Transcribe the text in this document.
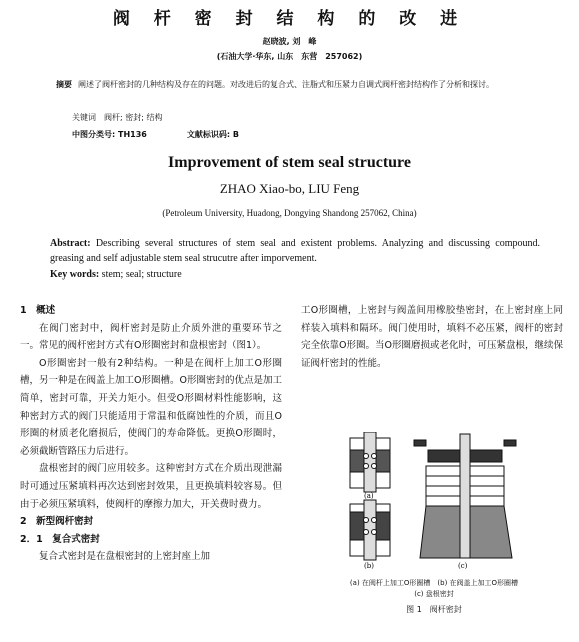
阀 杆 密 封 结 构 的 改 进
赵晓波, 刘　峰
(石油大学·华东, 山东　东营　257062)
摘要 阐述了阀杆密封的几种结构及存在的问题。对改进后的复合式、注脂式和压紧力自调式阀杆密封结构作了分析和探讨。
关键词　阀杆; 密封; 结构
中图分类号: TH136	文献标识码: B
Improvement of stem seal structure
ZHAO Xiao-bo, LIU Feng
(Petroleum University, Huadong, Dongying Shandong 257062, China)
Abstract: Describing several structures of stem seal and existent problems. Analyzing and discussing compound. greasing and self adjustable stem seal strucutre after imporvement.
Key words: stem; seal; structure

1　概述

在阀门密封中，阀杆密封是防止介质外泄的重要环节之一。常见的阀杆密封方式有O形圈密封和盘根密封（图1）。

O形圈密封一般有2种结构。一种是在阀杆上加工O形圈槽，另一种是在阀盖上加工O形圈槽。O形圈密封的优点是加工简单，密封可靠，开关力矩小。但受O形圈材料性能影响，这种密封方式的阀门只能适用于常温和低腐蚀性的介质，而且O形圈的材质老化磨损后，使阀门的寿命降低。更换O形圈时，必须截断管路压力后进行。

盘根密封的阀门应用较多。这种密封方式在介质出现泄漏时可通过压紧填料再次达到密封效果，且更换填料较容易。但由于必须压紧填料，使阀杆的摩擦力加大，开关费时费力。

2　新型阀杆密封

2．1　复合式密封

复合式密封是在盘根密封的上密封座上加

工O形圈槽，上密封与阀盖间用橡胶垫密封，在上密封座上同样装入填料和隔环。阀门使用时，填料不必压紧，阀杆的密封完全依靠O形圈。当O形圈磨损或老化时，可压紧盘根，继续保证阀杆密封的性能。

(a)
(b)	(c)
(a) 在阀杆上加工O形圈槽　(b) 在阀盖上加工O形圈槽
(c) 盘根密封
图 1　阀杆密封
